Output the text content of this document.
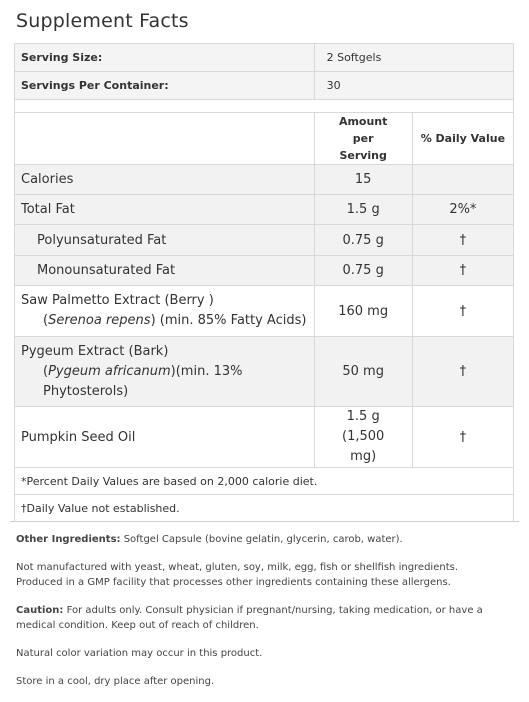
Supplement Facts
Serving Size:	2 Softgels	
Servings Per Container:	30	

	Amount per Serving	% Daily Value
Calories	15	
Total Fat	1.5 g	2%*
Polyunsaturated Fat	0.75 g	†
Monounsaturated Fat	0.75 g	†

Saw Palmetto Extract (Berry )
(Serenoa repens) (min. 85% Fatty Acids)	160 mg	†

Pygeum Extract (Bark)
(Pygeum africanum)(min. 13% Phytosterols)	50 mg	†
Pumpkin Seed Oil	1.5 g (1,500 mg)	†
*Percent Daily Values are based on 2,000 calorie diet.		
†Daily Value not established.		

Other Ingredients: Softgel Capsule (bovine gelatin, glycerin, carob, water).

Not manufactured with yeast, wheat, gluten, soy, milk, egg, fish or shellfish ingredients. Produced in a GMP facility that processes other ingredients containing these allergens.

Caution: For adults only. Consult physician if pregnant/nursing, taking medication, or have a medical condition. Keep out of reach of children.

Natural color variation may occur in this product.

Store in a cool, dry place after opening.
